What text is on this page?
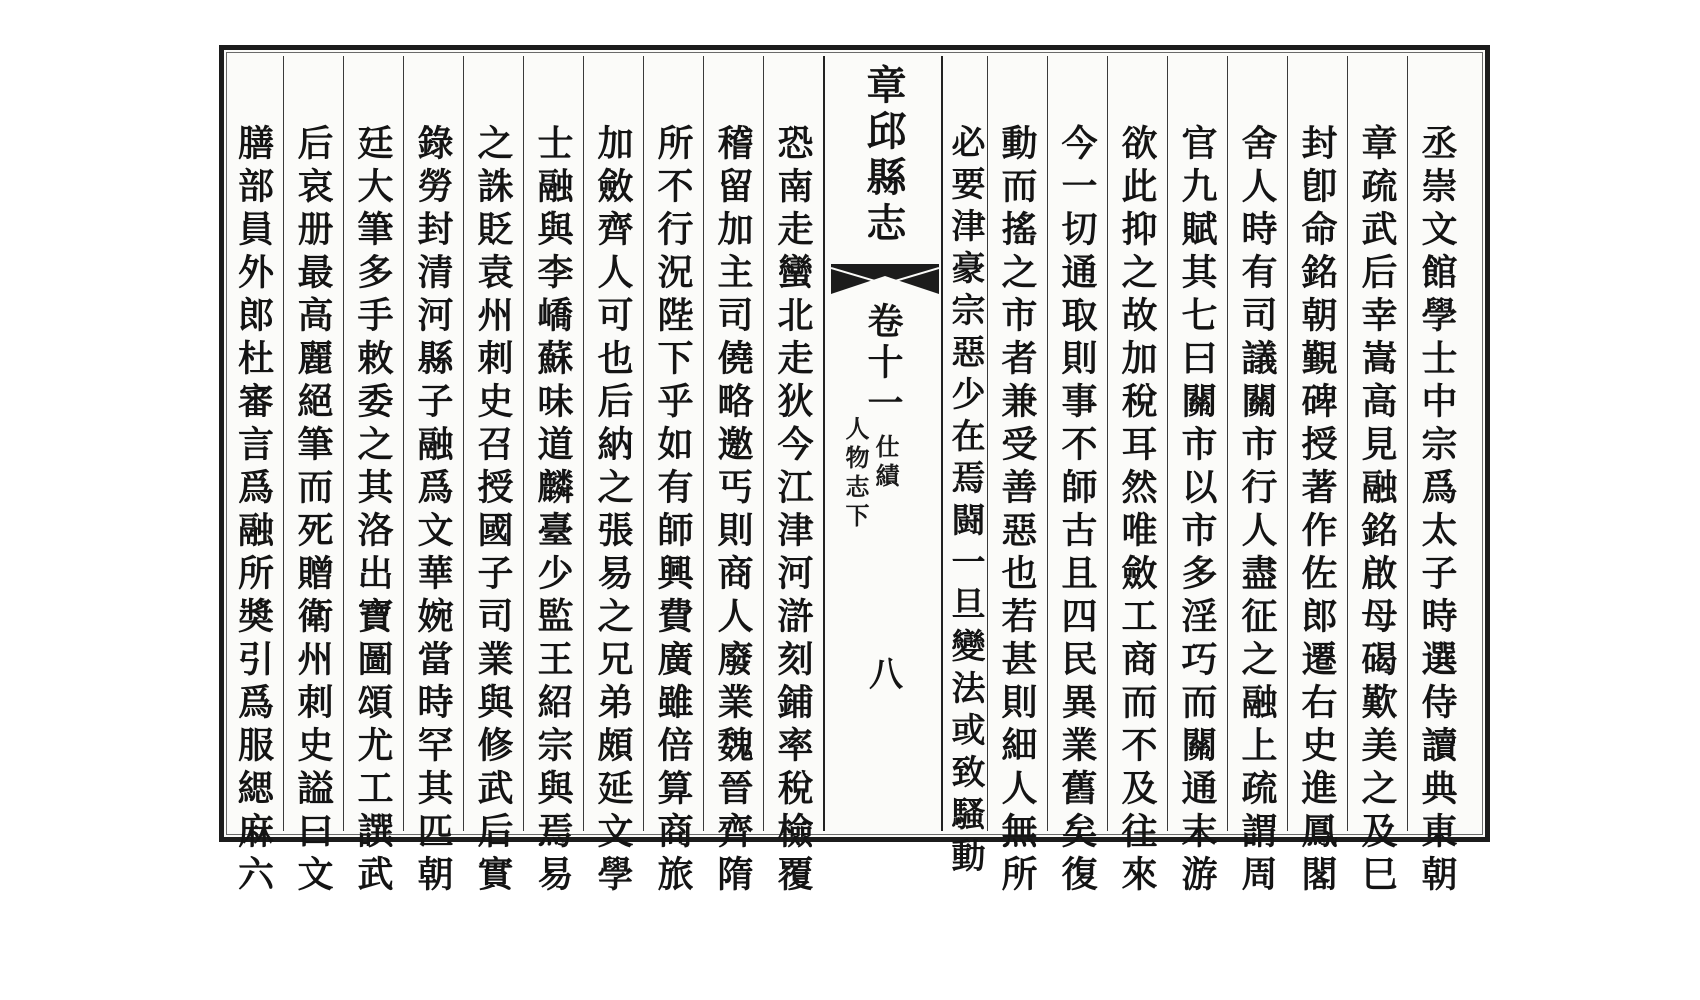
丞崇文館學士中宗爲太子時選侍讀典東朝
章疏武后幸嵩高見融銘啟母碣歎美之及巳
封卽命銘朝覲碑授著作佐郎遷右史進鳳閣
舍人時有司議關市行人盡征之融上疏謂周
官九賦其七曰關市以市多淫巧而關通末游
欲此抑之故加稅耳然唯斂工商而不及往來
今一切通取則事不師古且四民異業舊矣復
動而搖之市者兼受善惡也若甚則細人無所
章邱縣志
卷十一
人物志下 仕績
八 必要津豪宗惡少在焉闘一旦變法或致騷動
恐南走蠻北走狄今江津河滸刻鋪率稅檢覆
稽留加主司僥略邀丐則商人廢業魏晉齊隋
所不行況陛下乎如有師興費廣雖倍算商旅
加斂齊人可也后納之張易之兄弟頗延文學
士融與李嶠蘇味道麟臺少監王紹宗與焉易
之誅貶袁州刺史召授國子司業與修武后實
錄勞封清河縣子融爲文華婉當時罕其匹朝
廷大筆多手敕委之其洛出寶圖頌尤工譔武
后哀册最高麗絕筆而死贈衛州刺史謚曰文
膳部員外郎杜審言爲融所奬引爲服緦麻六
